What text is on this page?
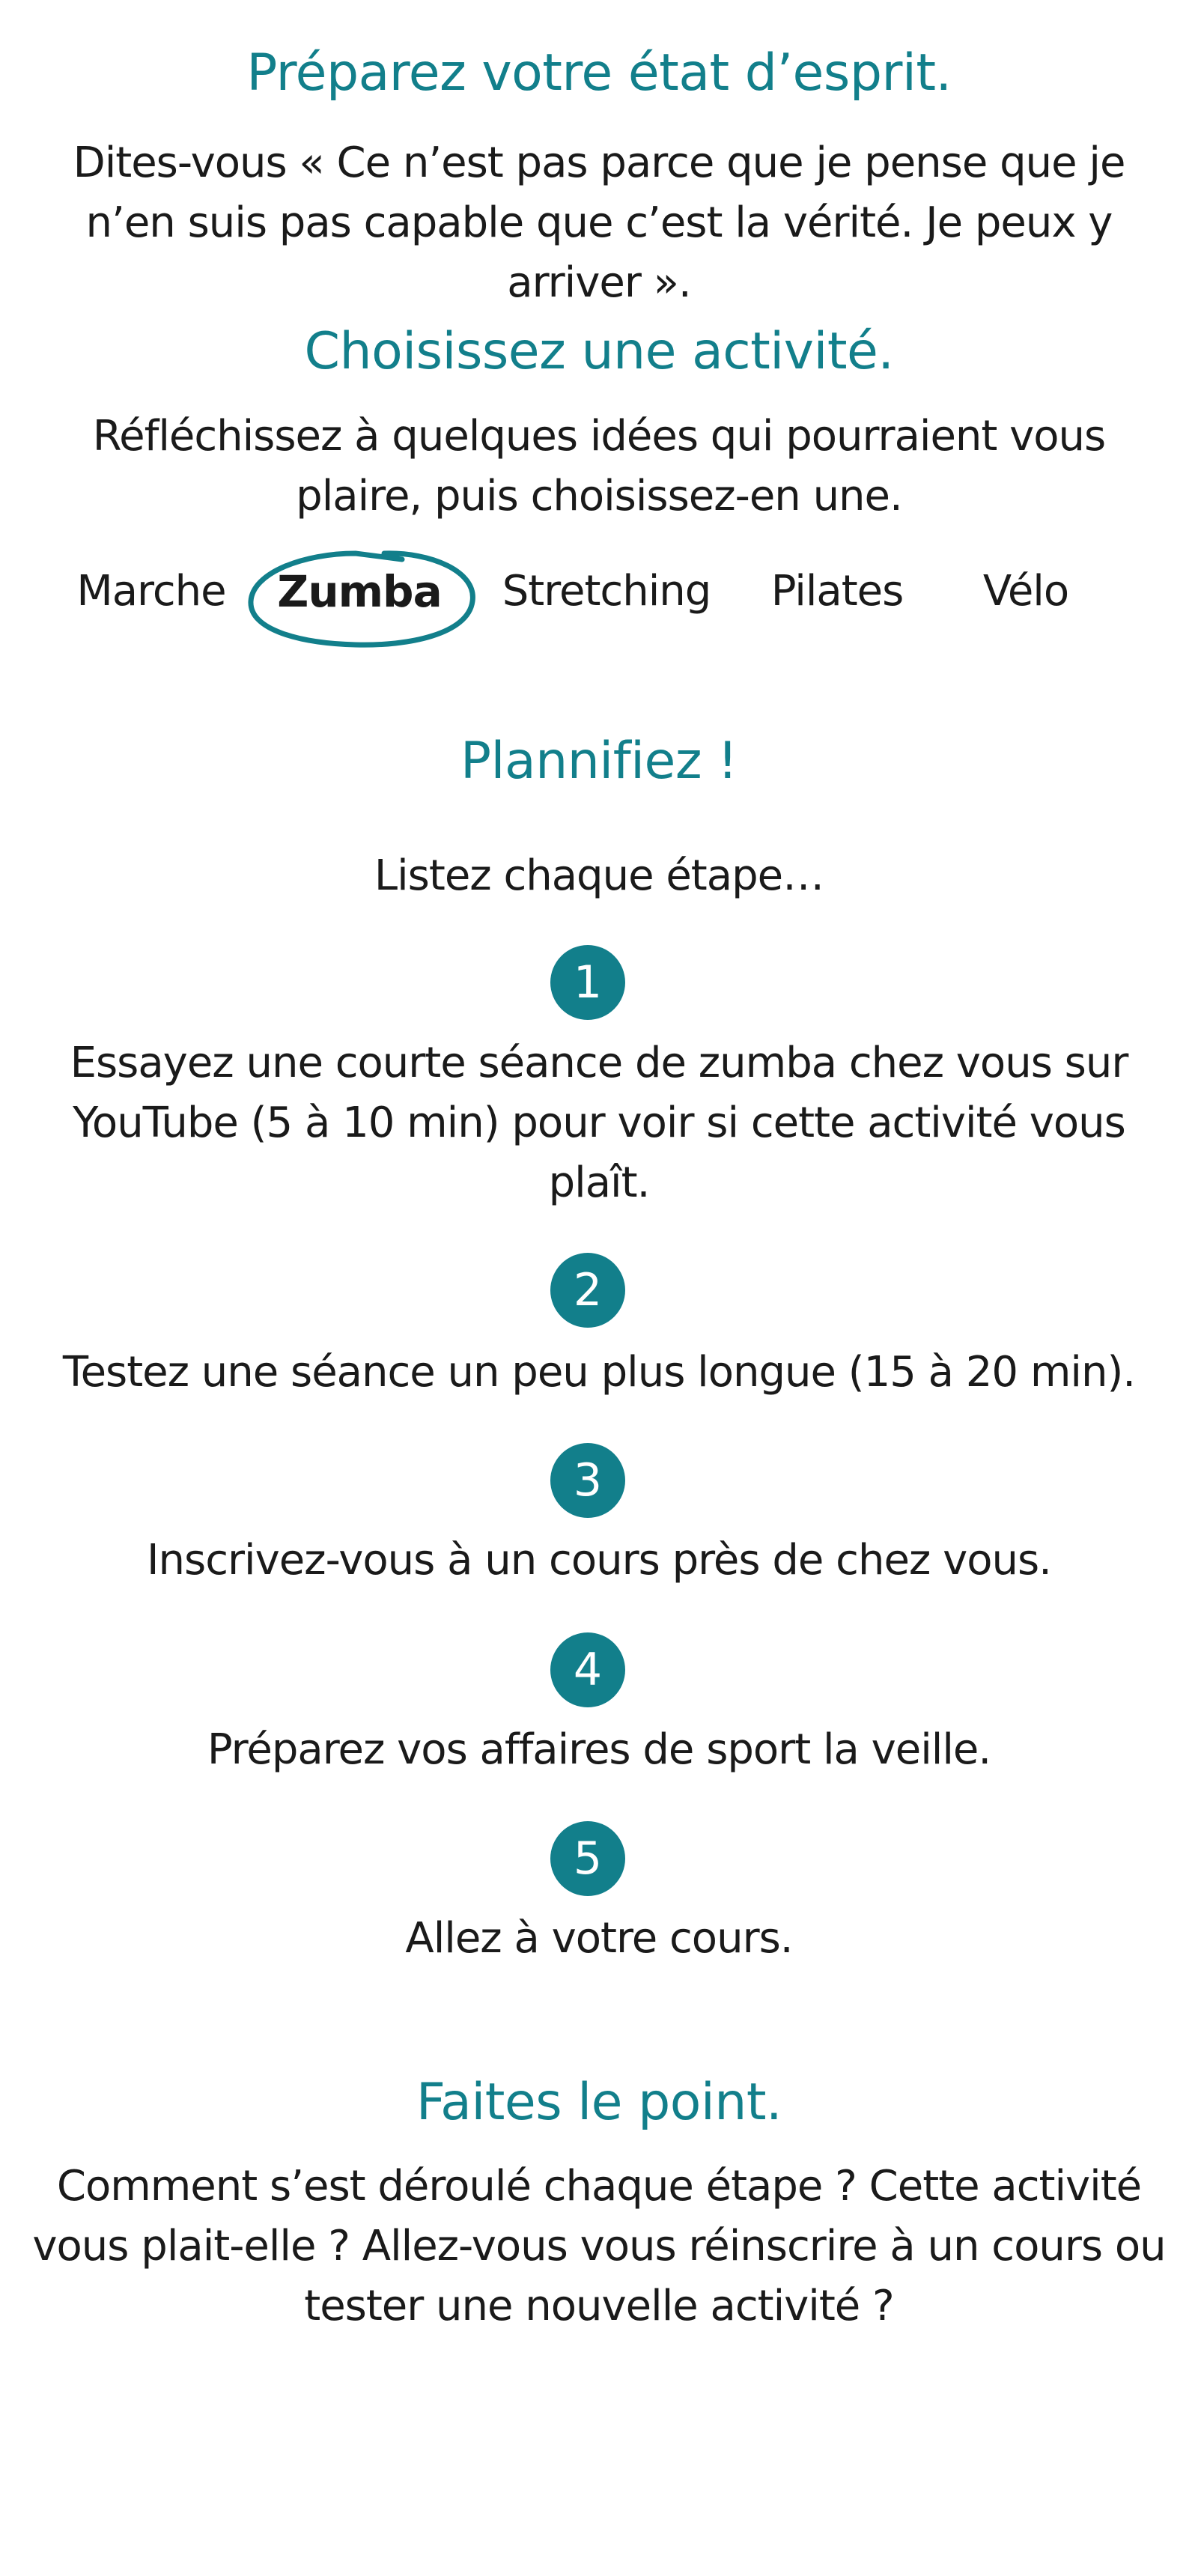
Préparez votre état d’esprit.

Dites-vous « Ce n’est pas parce que je pense que je n’en suis pas capable que c’est la vérité. Je peux y arriver ».

Choisissez une activité.

Réfléchissez à quelques idées qui pourraient vous plaire, puis choisissez-en une.

Marche Zumba Stretching Pilates Vélo
Plannifiez !

Listez chaque étape…

1

Essayez une courte séance de zumba chez vous sur YouTube (5 à 10 min) pour voir si cette activité vous plaît.

2

Testez une séance un peu plus longue (15 à 20 min).

3

Inscrivez-vous à un cours près de chez vous.

4

Préparez vos affaires de sport la veille.

5

Allez à votre cours.

Faites le point.

Comment s’est déroulé chaque étape ? Cette activité vous plait-elle ? Allez-vous vous réinscrire à un cours ou tester une nouvelle activité ?
